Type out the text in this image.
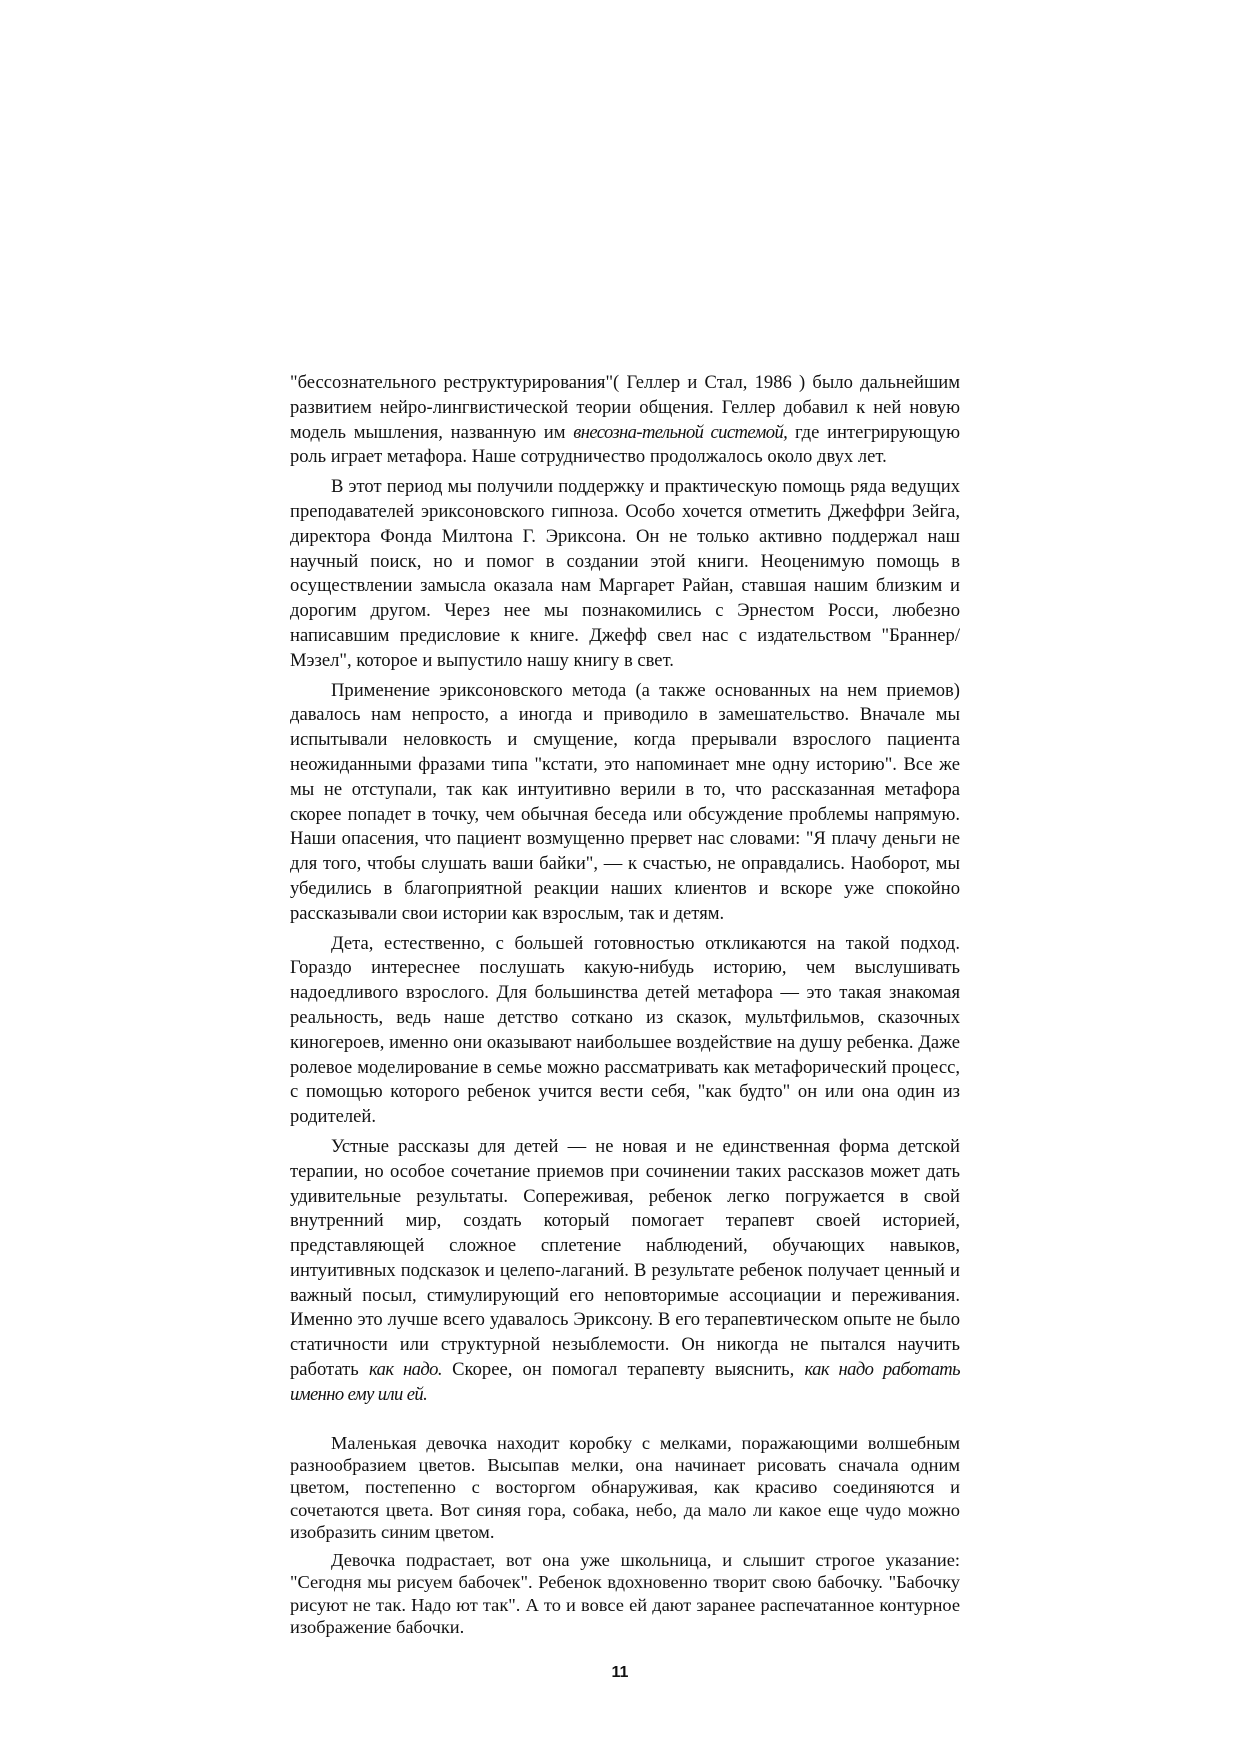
"бессознательного реструктурирования"( Геллер и Стал, 1986 ) было дальнейшим развитием нейро-лингвистической теории общения. Геллер добавил к ней новую модель мышления, названную им внесозна-тельной системой, где интегрирующую роль играет метафора. Наше сотрудничество продолжалось около двух лет.

В этот период мы получили поддержку и практическую помощь ряда ведущих преподавателей эриксоновского гипноза. Особо хочется отметить Джеффри Зейга, директора Фонда Милтона Г. Эриксона. Он не только активно поддержал наш научный поиск, но и помог в создании этой книги. Неоценимую помощь в осуществлении замысла оказала нам Маргарет Райан, ставшая нашим близким и дорогим другом. Через нее мы познакомились с Эрнестом Росси, любезно написавшим предисловие к книге. Джефф свел нас с издательством "Браннер/Мэзел", которое и выпустило нашу книгу в свет.

Применение эриксоновского метода (а также основанных на нем приемов) давалось нам непросто, а иногда и приводило в замешательство. Вначале мы испытывали неловкость и смущение, когда прерывали взрослого пациента неожиданными фразами типа "кстати, это напоминает мне одну историю". Все же мы не отступали, так как интуитивно верили в то, что рассказанная метафора скорее попадет в точку, чем обычная беседа или обсуждение проблемы напрямую. Наши опасения, что пациент возмущенно прервет нас словами: "Я плачу деньги не для того, чтобы слушать ваши байки", — к счастью, не оправдались. Наоборот, мы убедились в благоприятной реакции наших клиентов и вскоре уже спокойно рассказывали свои истории как взрослым, так и детям.

Дета, естественно, с большей готовностью откликаются на такой подход. Гораздо интереснее послушать какую-нибудь историю, чем выслушивать надоедливого взрослого. Для большинства детей метафора — это такая знакомая реальность, ведь наше детство соткано из сказок, мультфильмов, сказочных киногероев, именно они оказывают наибольшее воздействие на душу ребенка. Даже ролевое моделирование в семье можно рассматривать как метафорический процесс, с помощью которого ребенок учится вести себя, "как будто" он или она один из родителей.

Устные рассказы для детей — не новая и не единственная форма детской терапии, но особое сочетание приемов при сочинении таких рассказов может дать удивительные результаты. Сопереживая, ребенок легко погружается в свой внутренний мир, создать который помогает терапевт своей историей, представляющей сложное сплетение наблюдений, обучающих навыков, интуитивных подсказок и целепо-лаганий. В результате ребенок получает ценный и важный посыл, стимулирующий его неповторимые ассоциации и переживания. Именно это лучше всего удавалось Эриксону. В его терапевтическом опыте не было статичности или структурной незыблемости. Он никогда не пытался научить работать как надо. Скорее, он помогал терапевту выяснить, как надо работать именно ему или ей.

Маленькая девочка находит коробку с мелками, поражающими волшебным разнообразием цветов. Высыпав мелки, она начинает рисовать сначала одним цветом, постепенно с восторгом обнаруживая, как красиво соединяются и сочетаются цвета. Вот синяя гора, собака, небо, да мало ли какое еще чудо можно изобразить синим цветом.

Девочка подрастает, вот она уже школьница, и слышит строгое указание: "Сегодня мы рисуем бабочек". Ребенок вдохновенно творит свою бабочку. "Бабочку рисуют не так. Надо ют так". А то и вовсе ей дают заранее распечатанное контурное изображение бабочки.

11
